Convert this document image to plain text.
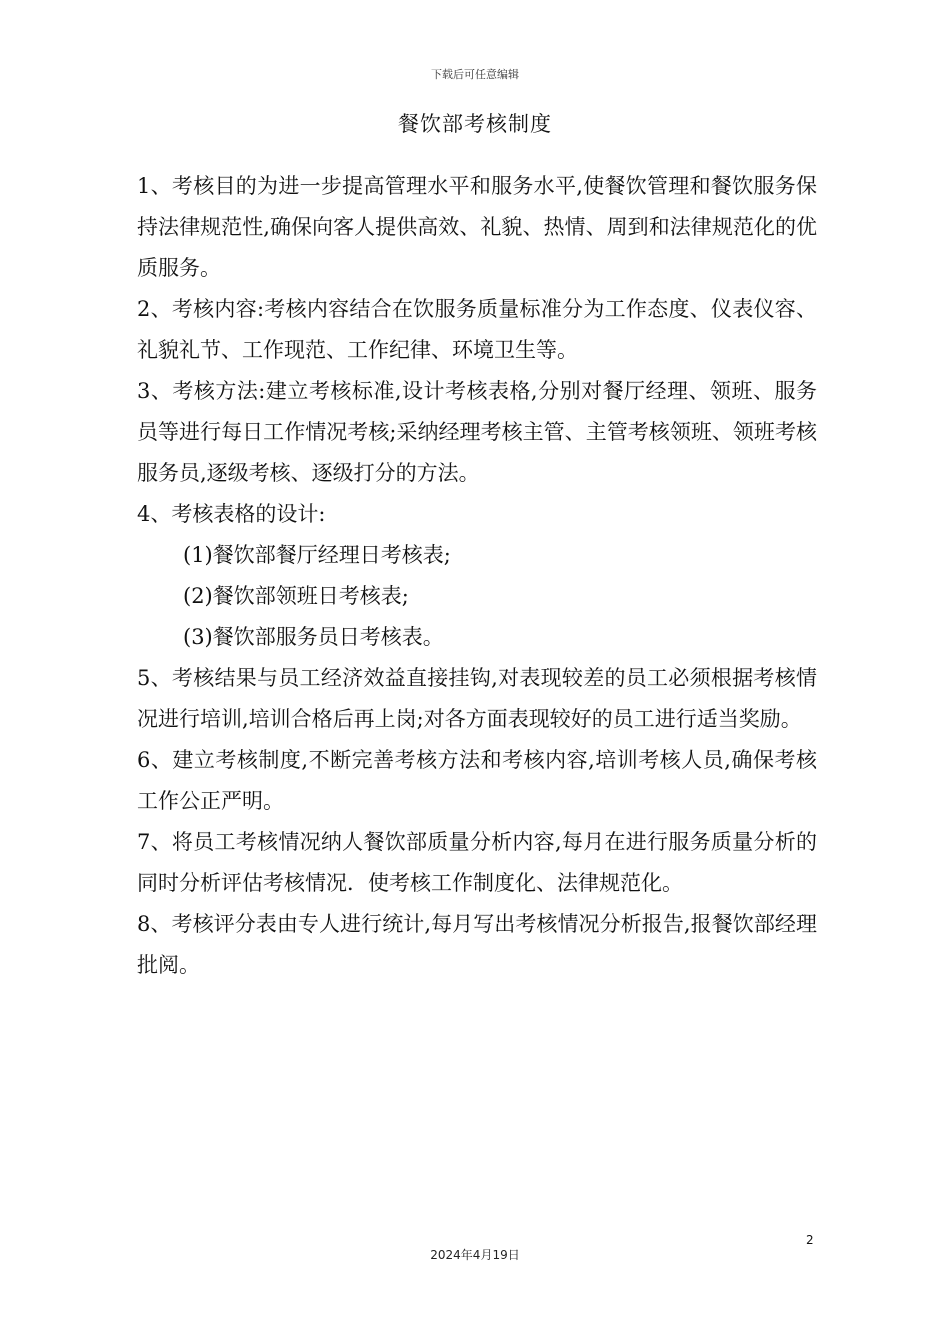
下载后可任意编辑
餐饮部考核制度

1、考核目的为进一步提高管理水平和服务水平,使餐饮管理和餐饮服务保持法律规范性,确保向客人提供高效、礼貌、热情、周到和法律规范化的优质服务。

2、考核内容:考核内容结合在饮服务质量标准分为工作态度、仪表仪容、礼貌礼节、工作现范、工作纪律、环境卫生等。

3、考核方法:建立考核标准,设计考核表格,分别对餐厅经理、领班、服务员等进行每日工作情况考核;采纳经理考核主管、主管考核领班、领班考核服务员,逐级考核、逐级打分的方法。

4、考核表格的设计:

(1)餐饮部餐厅经理日考核表;

(2)餐饮部领班日考核表;

(3)餐饮部服务员日考核表。

5、考核结果与员工经济效益直接挂钩,对表现较差的员工必须根据考核情况进行培训,培训合格后再上岗;对各方面表现较好的员工进行适当奖励。

6、建立考核制度,不断完善考核方法和考核内容,培训考核人员,确保考核工作公正严明。

7、将员工考核情况纳人餐饮部质量分析内容,每月在进行服务质量分析的同时分析评估考核情况．使考核工作制度化、法律规范化。

8、考核评分表由专人进行统计,每月写出考核情况分析报告,报餐饮部经理批阅。

2
2024年4月19日
